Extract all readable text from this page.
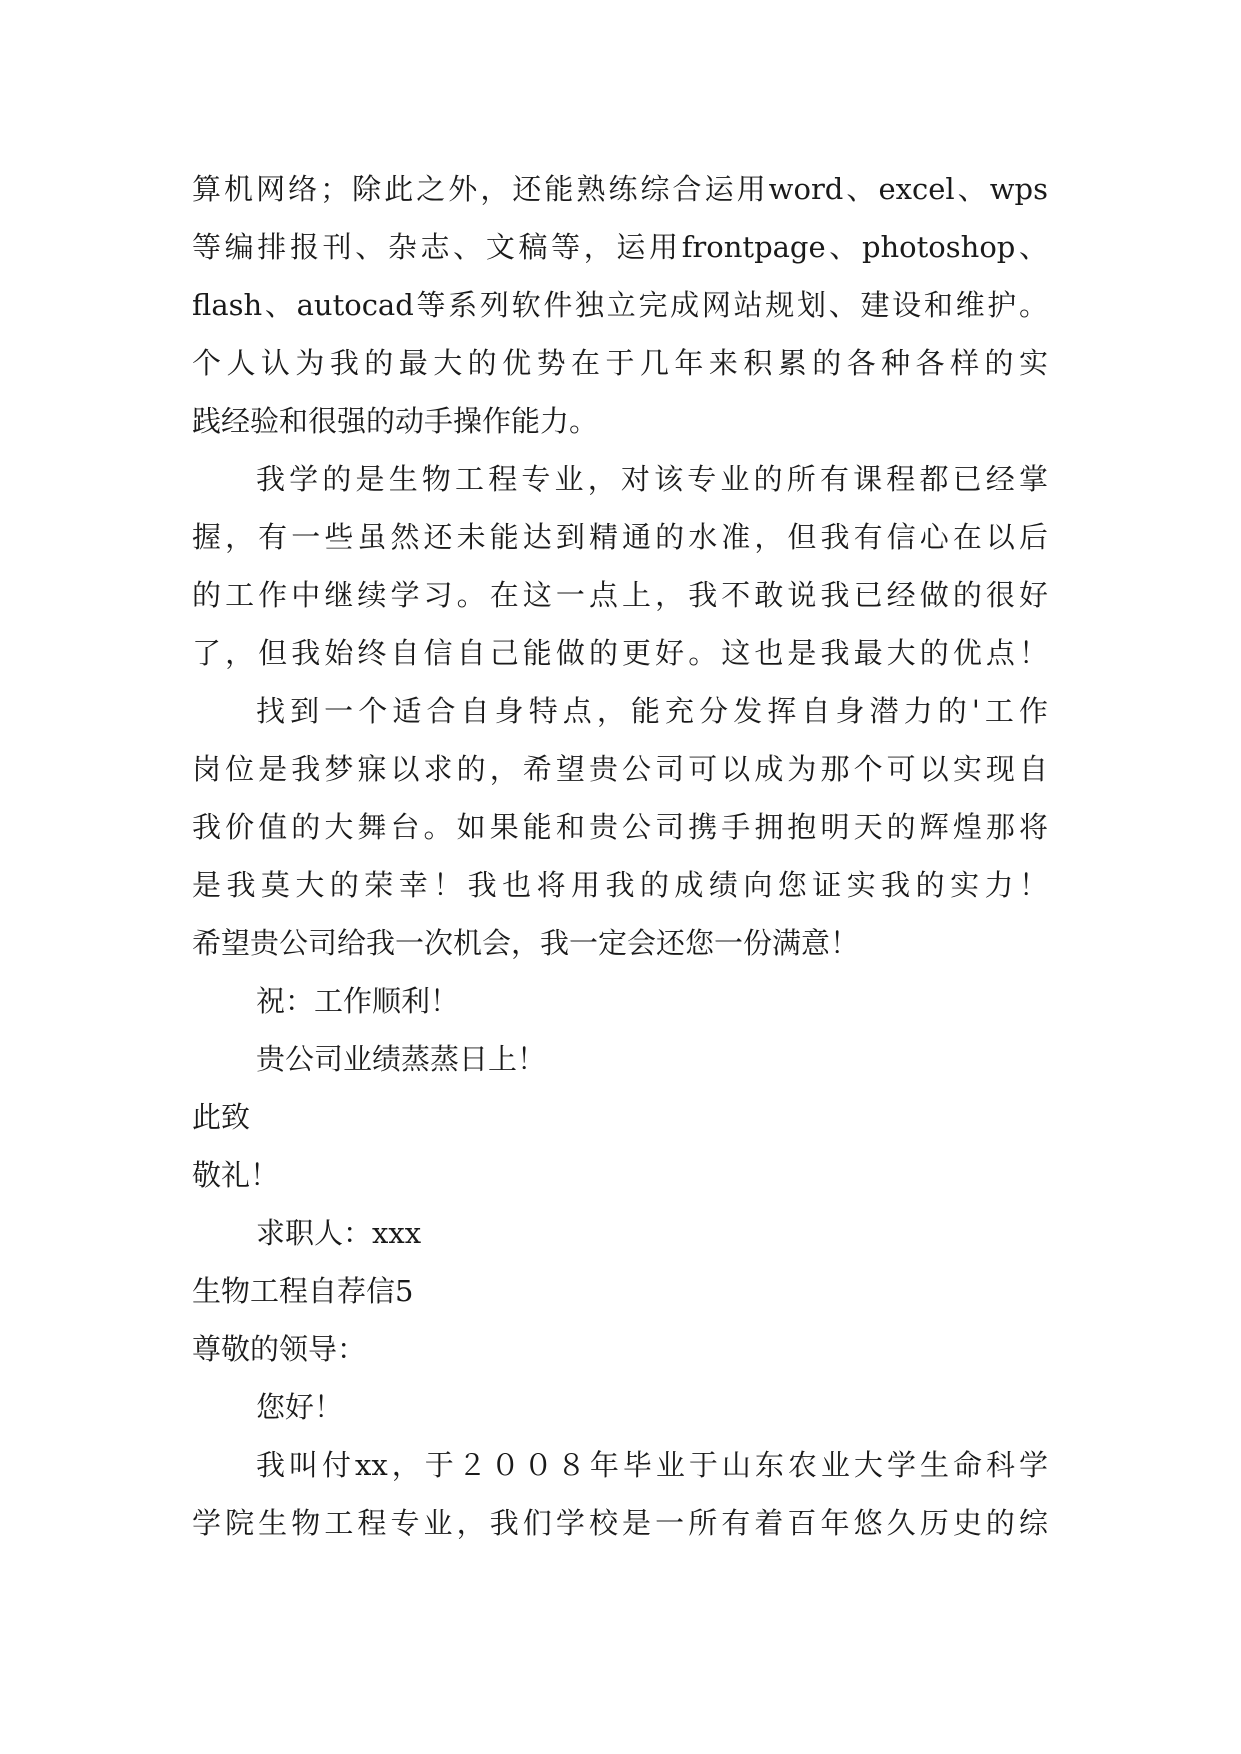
算机网络；除此之外，还能熟练综合运用word、excel、wps
等编排报刊、杂志、文稿等，运用frontpage、photoshop、
flash、autocad等系列软件独立完成网站规划、建设和维护。
个人认为我的最大的优势在于几年来积累的各种各样的实
践经验和很强的动手操作能力。
我学的是生物工程专业，对该专业的所有课程都已经掌
握，有一些虽然还未能达到精通的水准，但我有信心在以后
的工作中继续学习。在这一点上，我不敢说我已经做的很好
了，但我始终自信自己能做的更好。这也是我最大的优点！
找到一个适合自身特点，能充分发挥自身潜力的'工作
岗位是我梦寐以求的，希望贵公司可以成为那个可以实现自
我价值的大舞台。如果能和贵公司携手拥抱明天的辉煌那将
是我莫大的荣幸！我也将用我的成绩向您证实我的实力！
希望贵公司给我一次机会，我一定会还您一份满意！
祝：工作顺利！
贵公司业绩蒸蒸日上！
此致
敬礼！
求职人：xxx
生物工程自荐信5
尊敬的领导：
您好！
我叫付xx，于２００８年毕业于山东农业大学生命科学
学院生物工程专业，我们学校是一所有着百年悠久历史的综
